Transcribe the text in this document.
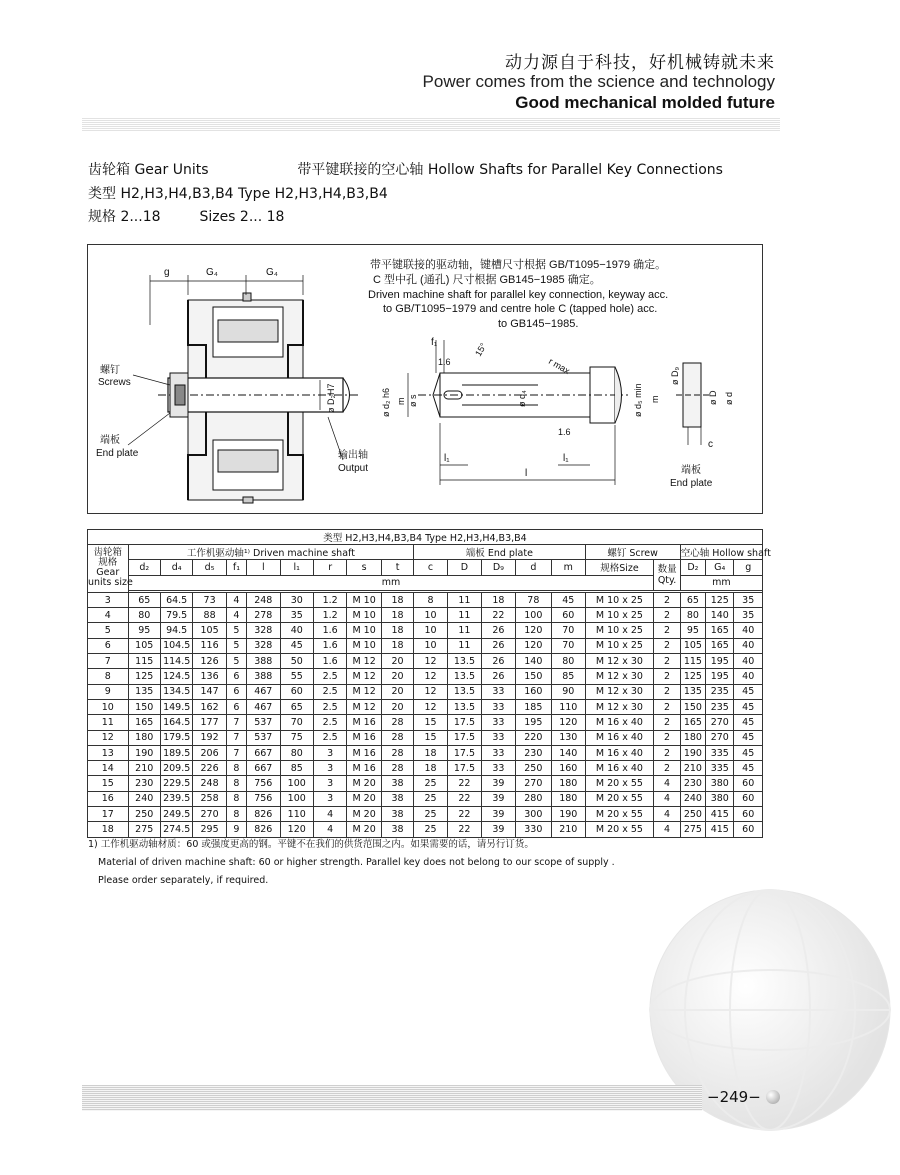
动力源自于科技，好机械铸就未来
Power comes from the science and technology
Good mechanical molded future
齿轮箱 Gear Units	带平键联接的空心轴 Hollow Shafts for Parallel Key Connections
类型 H2,H3,H4,B3,B4 Type H2,H3,H4,B3,B4
规格 2...18	Sizes 2... 18
g	G₄	G₄
螺钉
Screws
端板
End plate	输出轴
Output
ø D₂H7
带平键联接的驱动轴，键槽尺寸根据 GB/T1095−1979 确定。
C 型中孔 (通孔) 尺寸根据 GB145−1985 确定。
Driven machine shaft for parallel key connection, keyway acc.
to GB/T1095−1979 and centre hole C (tapped hole) acc.
to GB145−1985.
f₁
1.6
15°
r max
ø d₂ h6 m ø s	ø d₄	ø d₅ min
1.6
l₁	l₁
l
ø D₉
m	ø D ø d
c
端板
End plate
类型 H2,H3,H4,B3,B4 Type H2,H3,H4,B3,B4																			

齿轮箱
规格
Gear
units size	工作机驱动轴¹⁾ Driven machine shaft									端板 End plate					螺钉 Screw		空心轴 Hollow shaft		
	d₂	d₄	d₅	f₁	l	l₁	r	s	t	c	D	D₉	d	m	规格Size	数量
Qty.	D₂	G₄	g
	mm																mm		

3	65	64.5	73	4	248	30	1.2	M 10	18	8	11	18	78	45	M 10 x 25	2	65	125	35
4	80	79.5	88	4	278	35	1.2	M 10	18	10	11	22	100	60	M 10 x 25	2	80	140	35
5	95	94.5	105	5	328	40	1.6	M 10	18	10	11	26	120	70	M 10 x 25	2	95	165	40
6	105	104.5	116	5	328	45	1.6	M 10	18	10	11	26	120	70	M 10 x 25	2	105	165	40
7	115	114.5	126	5	388	50	1.6	M 12	20	12	13.5	26	140	80	M 12 x 30	2	115	195	40
8	125	124.5	136	6	388	55	2.5	M 12	20	12	13.5	26	150	85	M 12 x 30	2	125	195	40
9	135	134.5	147	6	467	60	2.5	M 12	20	12	13.5	33	160	90	M 12 x 30	2	135	235	45
10	150	149.5	162	6	467	65	2.5	M 12	20	12	13.5	33	185	110	M 12 x 30	2	150	235	45
11	165	164.5	177	7	537	70	2.5	M 16	28	15	17.5	33	195	120	M 16 x 40	2	165	270	45
12	180	179.5	192	7	537	75	2.5	M 16	28	15	17.5	33	220	130	M 16 x 40	2	180	270	45
13	190	189.5	206	7	667	80	3	M 16	28	18	17.5	33	230	140	M 16 x 40	2	190	335	45
14	210	209.5	226	8	667	85	3	M 16	28	18	17.5	33	250	160	M 16 x 40	2	210	335	45
15	230	229.5	248	8	756	100	3	M 20	38	25	22	39	270	180	M 20 x 55	4	230	380	60
16	240	239.5	258	8	756	100	3	M 20	38	25	22	39	280	180	M 20 x 55	4	240	380	60
17	250	249.5	270	8	826	110	4	M 20	38	25	22	39	300	190	M 20 x 55	4	250	415	60
18	275	274.5	295	9	826	120	4	M 20	38	25	22	39	330	210	M 20 x 55	4	275	415	60
1) 工作机驱动轴材质：60 或强度更高的钢。平键不在我们的供货范围之内。如果需要的话，请另行订货。
Material of driven machine shaft: 60 or higher strength. Parallel key does not belong to our scope of supply .
Please order separately, if required.
−249−
